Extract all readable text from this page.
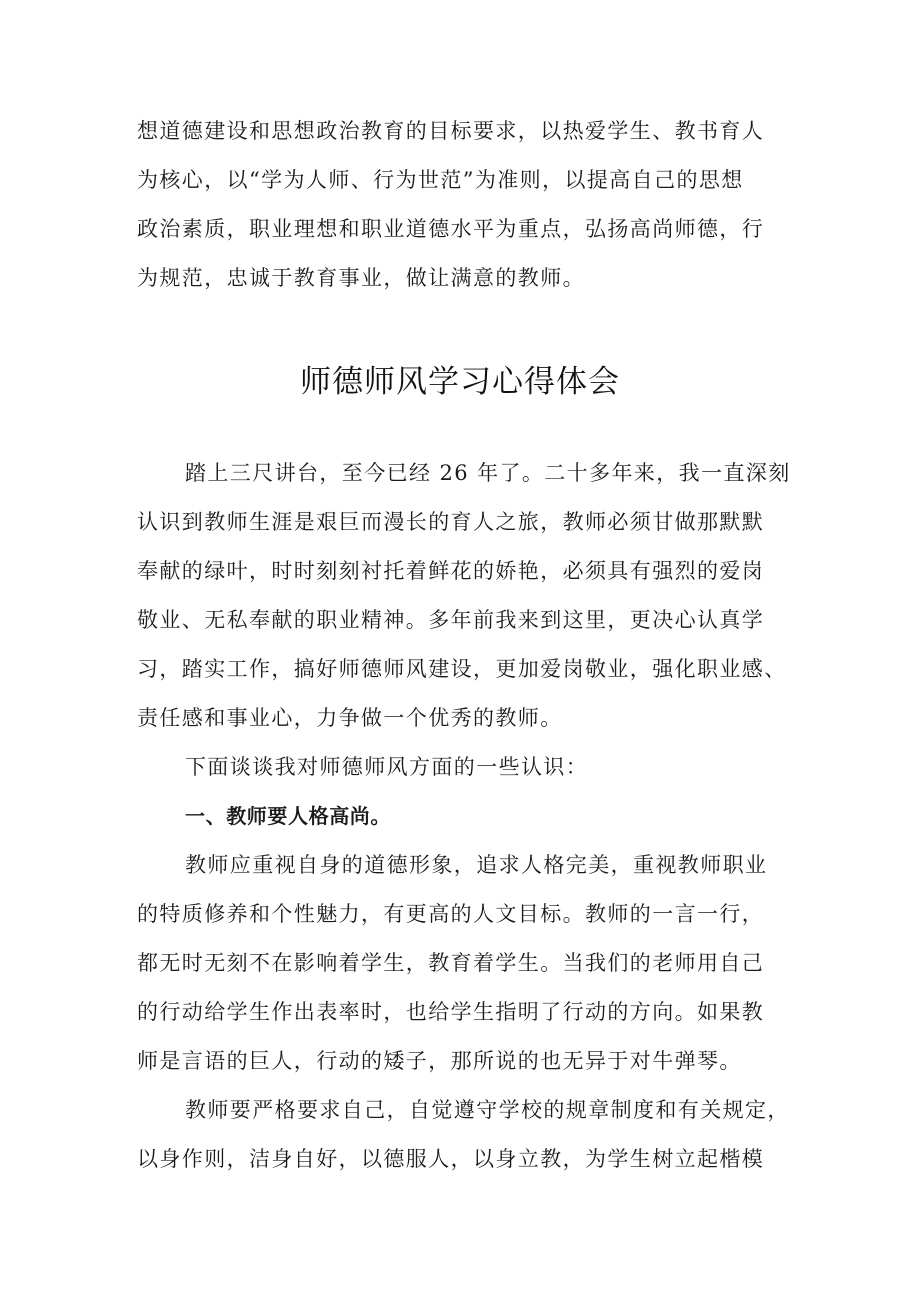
想道德建设和思想政治教育的目标要求，以热爱学生、教书育人
为核心，以“学为人师、行为世范”为准则，以提高自己的思想
政治素质，职业理想和职业道德水平为重点，弘扬高尚师德，行
为规范，忠诚于教育事业，做让满意的教师。
师德师风学习心得体会
踏上三尺讲台，至今已经 26 年了。二十多年来，我一直深刻
认识到教师生涯是艰巨而漫长的育人之旅，教师必须甘做那默默
奉献的绿叶，时时刻刻衬托着鲜花的娇艳，必须具有强烈的爱岗
敬业、无私奉献的职业精神。多年前我来到这里，更决心认真学
习，踏实工作，搞好师德师风建设，更加爱岗敬业，强化职业感、
责任感和事业心，力争做一个优秀的教师。
下面谈谈我对师德师风方面的一些认识：
一、教师要人格高尚。
教师应重视自身的道德形象，追求人格完美，重视教师职业
的特质修养和个性魅力，有更高的人文目标。教师的一言一行，
都无时无刻不在影响着学生，教育着学生。当我们的老师用自己
的行动给学生作出表率时，也给学生指明了行动的方向。如果教
师是言语的巨人，行动的矮子，那所说的也无异于对牛弹琴。
教师要严格要求自己，自觉遵守学校的规章制度和有关规定，
以身作则，洁身自好，以德服人，以身立教，为学生树立起楷模
